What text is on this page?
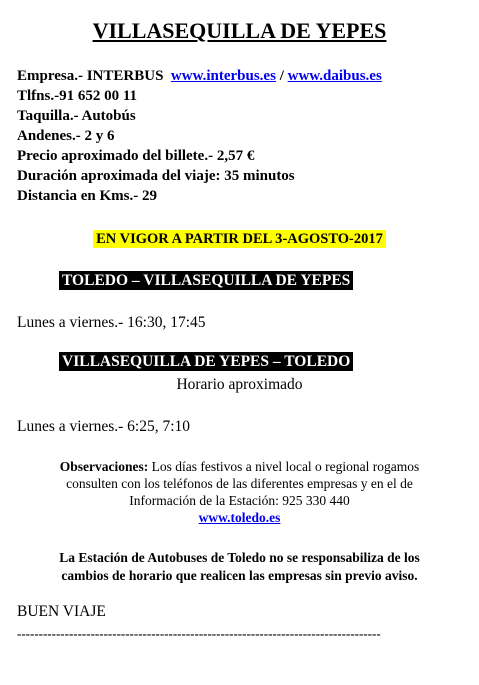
VILLASEQUILLA DE YEPES
Empresa.- INTERBUS www.interbus.es / www.daibus.es
Tlfns.-91 652 00 11
Taquilla.- Autobús
Andenes.- 2 y 6
Precio aproximado del billete.- 2,57 €
Duración aproximada del viaje: 35 minutos
Distancia en Kms.- 29
EN VIGOR A PARTIR DEL 3-AGOSTO-2017
TOLEDO – VILLASEQUILLA DE YEPES
Lunes a viernes.- 16:30, 17:45
VILLASEQUILLA DE YEPES – TOLEDO
Horario aproximado
Lunes a viernes.- 6:25, 7:10
Observaciones: Los días festivos a nivel local o regional rogamos
consulten con los teléfonos de las diferentes empresas y en el de
Información de la Estación: 925 330 440
www.toledo.es
La Estación de Autobuses de Toledo no se responsabiliza de los
cambios de horario que realicen las empresas sin previo aviso.
BUEN VIAJE
------------------------------------------------------------------------------------
